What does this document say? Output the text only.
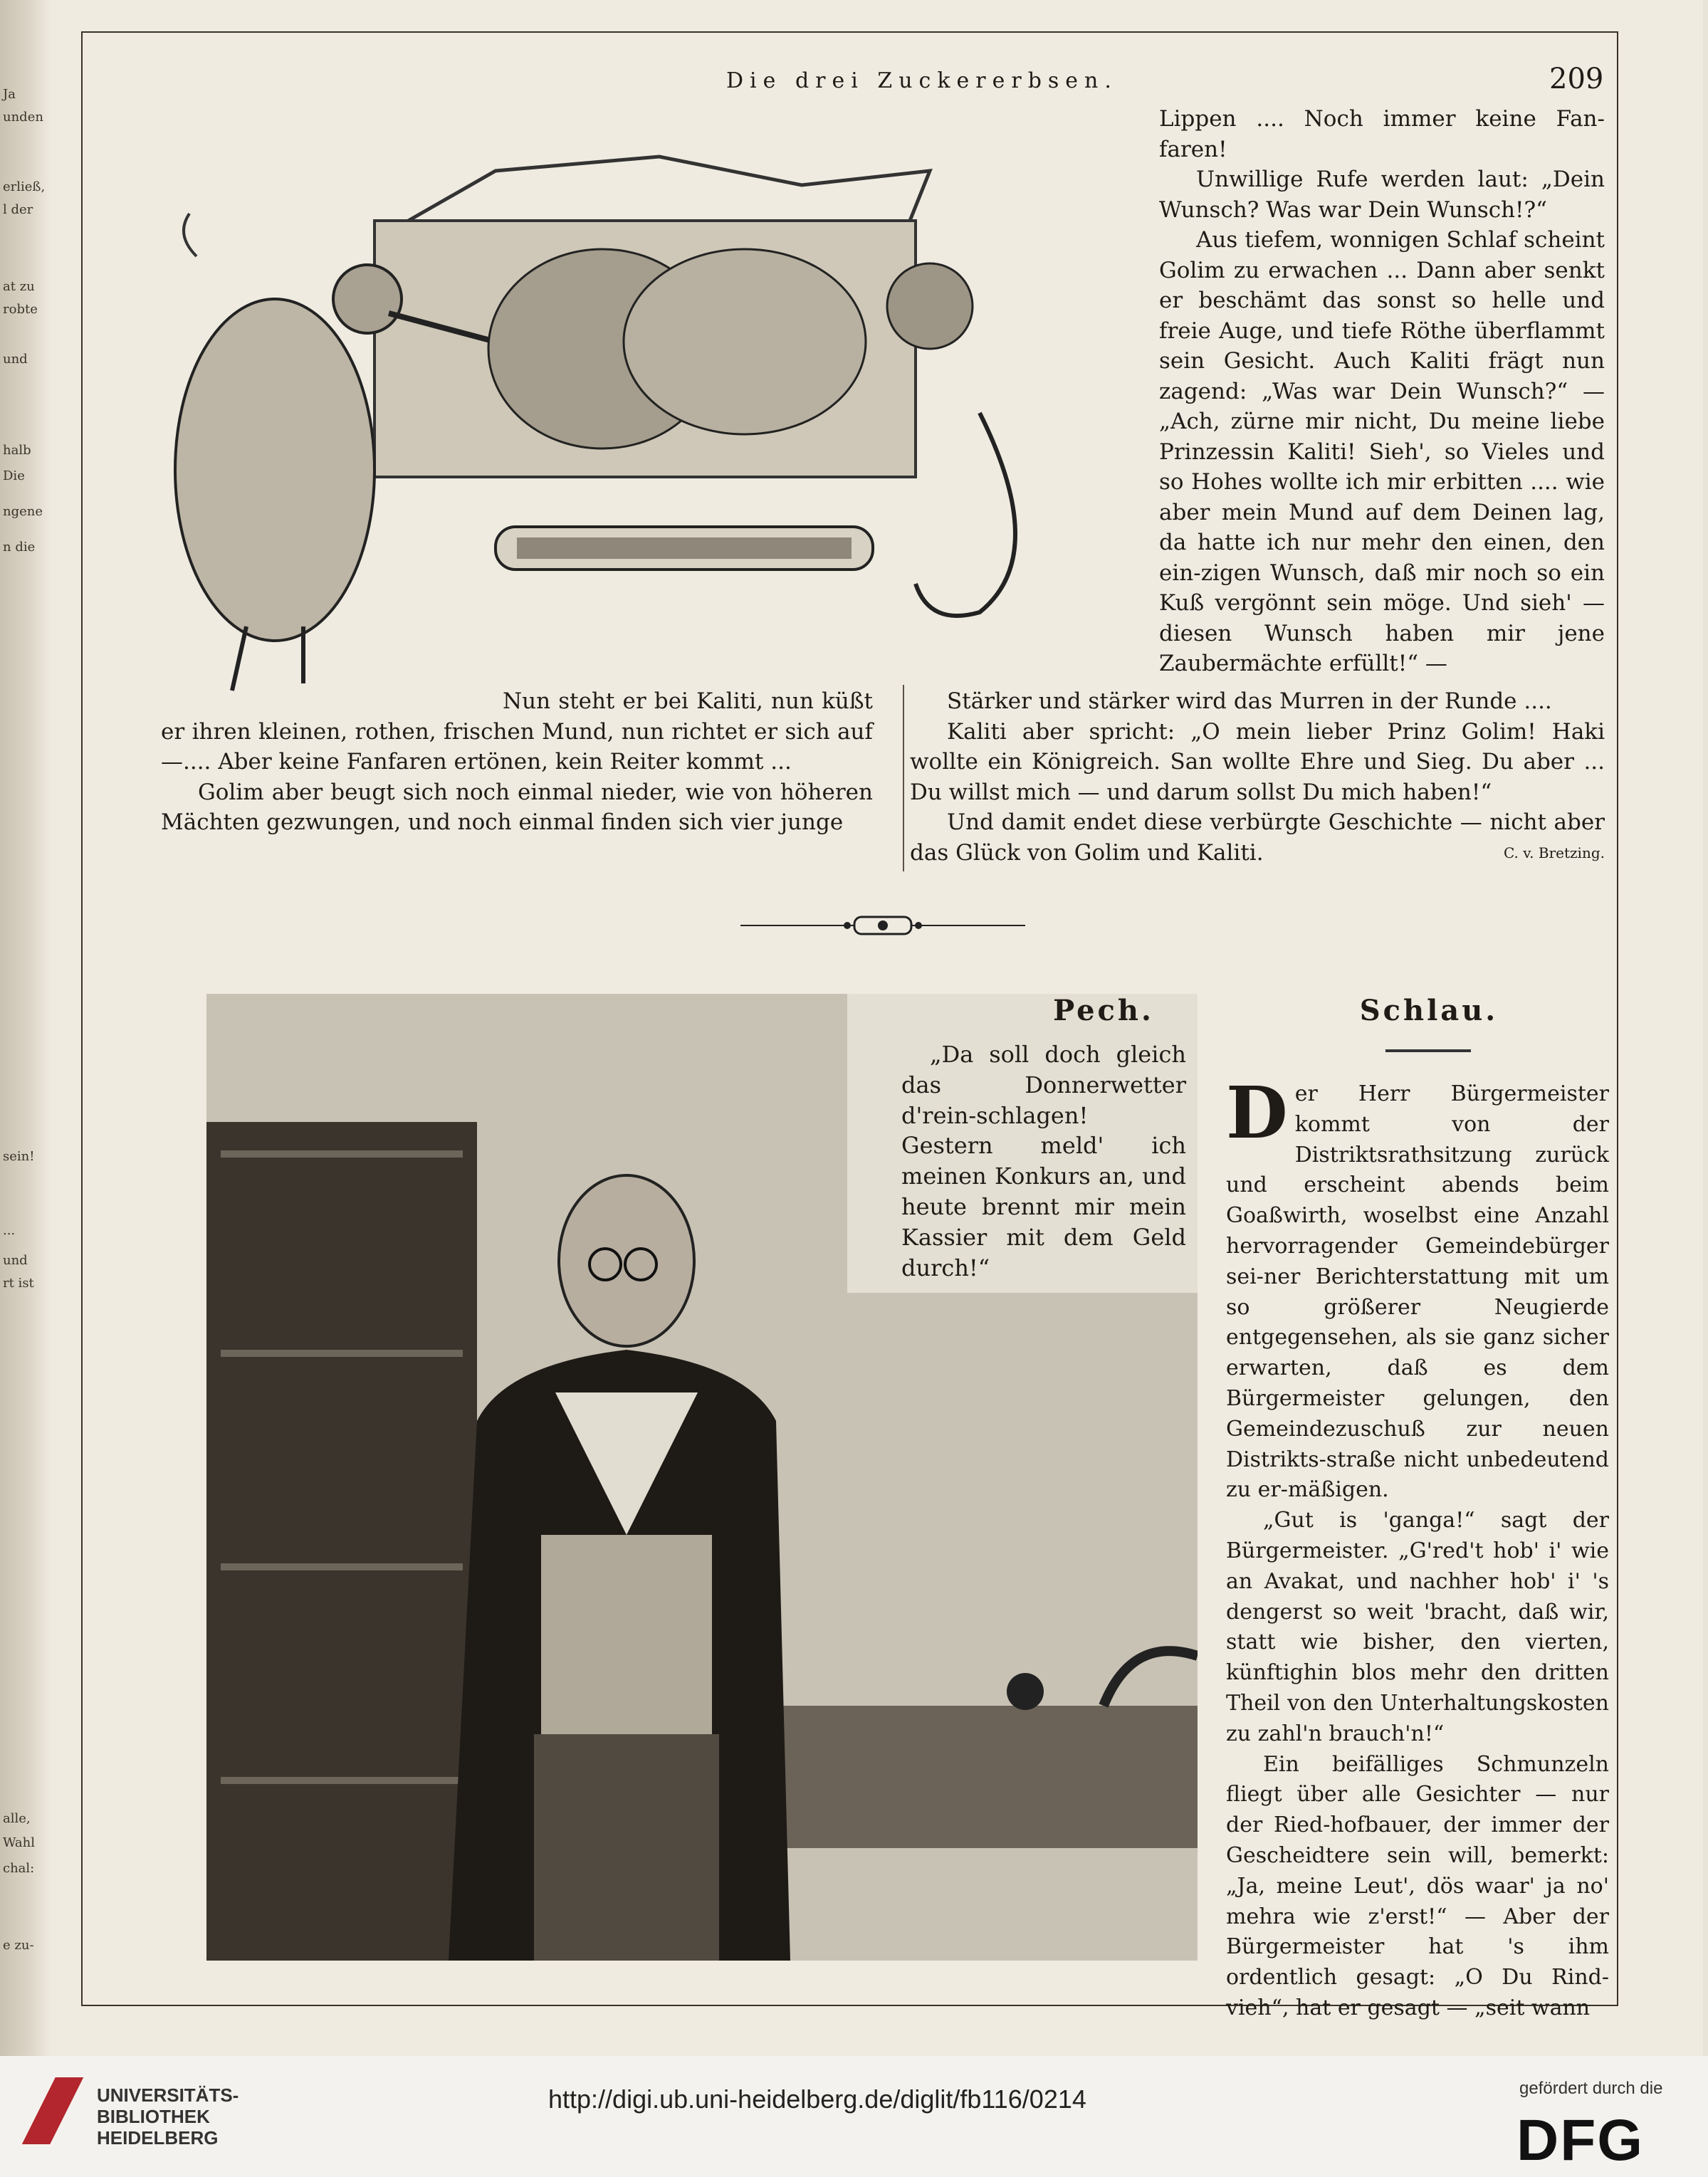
Ja
unden
erließ,
l der
at zu
robte
und
halb
Die
ngene
n die
sein!
...
und
rt ist
alle,
Wahl
chal:
e zu-
Die drei Zuckererbsen.	209

Lippen .... Noch immer keine Fan-faren!

Unwillige Rufe werden laut: „Dein Wunsch? Was war Dein Wunsch!?“

Aus tiefem, wonnigen Schlaf scheint Golim zu erwachen ... Dann aber senkt er beschämt das sonst so helle und freie Auge, und tiefe Röthe überflammt sein Gesicht. Auch Kaliti frägt nun zagend: „Was war Dein Wunsch?“ — „Ach, zürne mir nicht, Du meine liebe Prinzessin Kaliti! Sieh', so Vieles und so Hohes wollte ich mir erbitten .... wie aber mein Mund auf dem Deinen lag, da hatte ich nur mehr den einen, den ein-zigen Wunsch, daß mir noch so ein Kuß vergönnt sein möge. Und sieh' — diesen Wunsch haben mir jene Zaubermächte erfüllt!“ —

Nun steht er bei Kaliti, nun küßt er ihren kleinen, rothen, frischen Mund, nun richtet er sich auf —.... Aber keine Fanfaren ertönen, kein Reiter kommt ...

Golim aber beugt sich noch einmal nieder, wie von höheren Mächten gezwungen, und noch einmal finden sich vier junge

Stärker und stärker wird das Murren in der Runde ....

Kaliti aber spricht: „O mein lieber Prinz Golim! Haki wollte ein Königreich. San wollte Ehre und Sieg. Du aber ... Du willst mich — und darum sollst Du mich haben!“

Und damit endet diese verbürgte Geschichte — nicht aber das Glück von Golim und Kaliti.	C. v. Bretzing.

Pech.

„Da soll doch gleich das Donnerwetter d'rein-schlagen! Gestern meld' ich meinen Konkurs an, und heute brennt mir mein Kassier mit dem Geld durch!“

Schlau.

Der Herr Bürgermeister kommt von der Distriktsrathsitzung zurück und erscheint abends beim Goaßwirth, woselbst eine Anzahl hervorragender Gemeindebürger sei-ner Berichterstattung mit um so größerer Neugierde entgegensehen, als sie ganz sicher erwarten, daß es dem Bürgermeister gelungen, den Gemeindezuschuß zur neuen Distrikts-straße nicht unbedeutend zu er-mäßigen.

„Gut is 'ganga!“ sagt der Bürgermeister. „G'red't hob' i' wie an Avakat, und nachher hob' i' 's dengerst so weit 'bracht, daß wir, statt wie bisher, den vierten, künftighin blos mehr den dritten Theil von den Unterhaltungskosten zu zahl'n brauch'n!“

Ein beifälliges Schmunzeln fliegt über alle Gesichter — nur der Ried-hofbauer, der immer der Gescheidtere sein will, bemerkt: „Ja, meine Leut', dös waar' ja no' mehra wie z'erst!“ — Aber der Bürgermeister hat 's ihm ordentlich gesagt: „O Du Rind-vieh“, hat er gesagt — „seit wann

UNIVERSITÄTS-
BIBLIOTHEK
HEIDELBERG
http://digi.ub.uni-heidelberg.de/diglit/fb116/0214	gefördert durch die
DFG
